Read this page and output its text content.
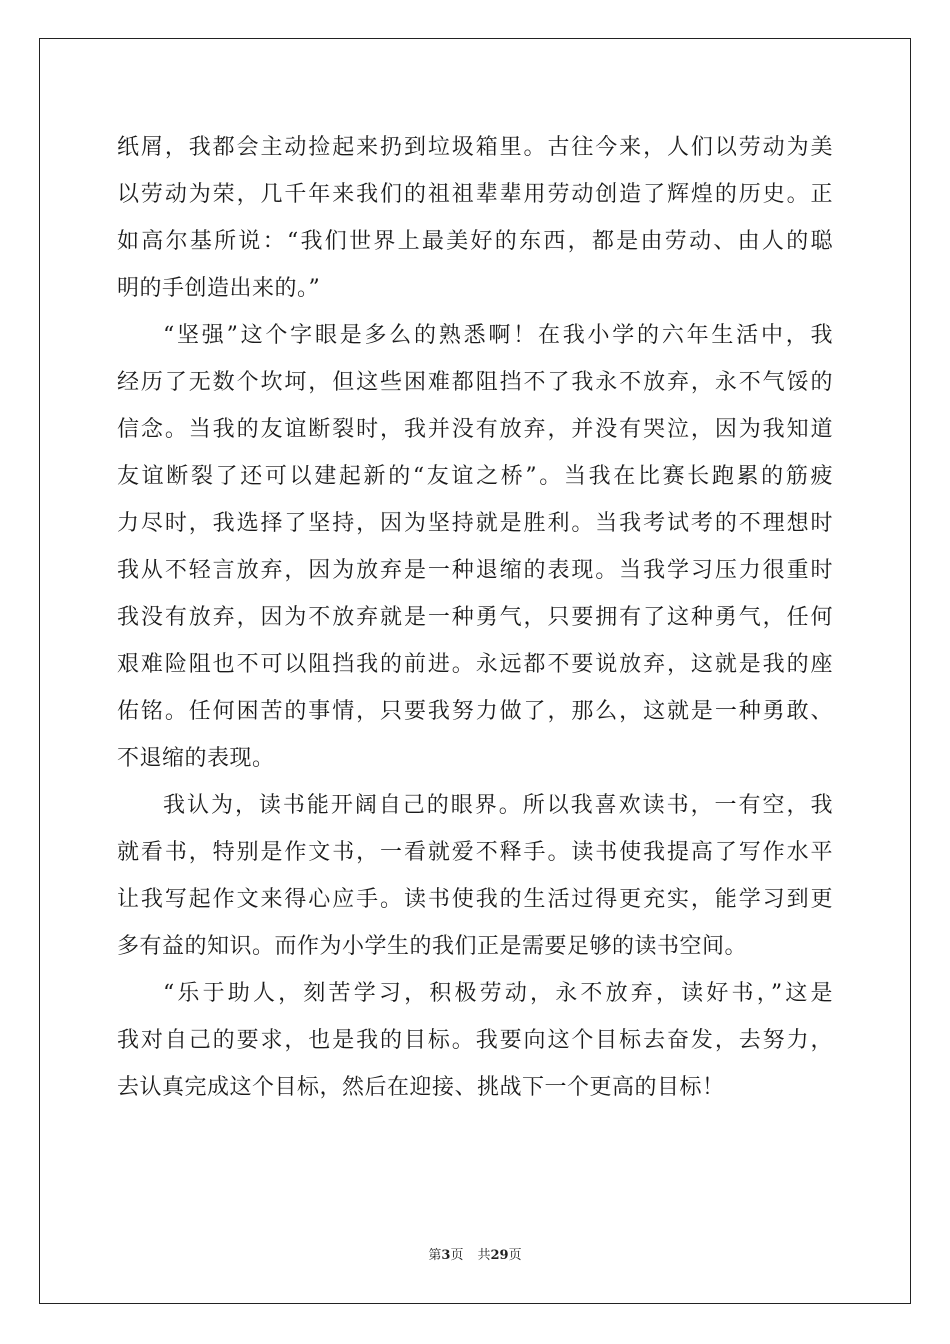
纸屑，我都会主动捡起来扔到垃圾箱里。古往今来，人们以劳动为美
以劳动为荣，几千年来我们的祖祖辈辈用劳动创造了辉煌的历史。正
如高尔基所说：“我们世界上最美好的东西，都是由劳动、由人的聪
明的手创造出来的。”
“坚强”这个字眼是多么的熟悉啊！在我小学的六年生活中，我
经历了无数个坎坷，但这些困难都阻挡不了我永不放弃，永不气馁的
信念。当我的友谊断裂时，我并没有放弃，并没有哭泣，因为我知道
友谊断裂了还可以建起新的“友谊之桥”。当我在比赛长跑累的筋疲
力尽时，我选择了坚持，因为坚持就是胜利。当我考试考的不理想时
我从不轻言放弃，因为放弃是一种退缩的表现。当我学习压力很重时
我没有放弃，因为不放弃就是一种勇气，只要拥有了这种勇气，任何
艰难险阻也不可以阻挡我的前进。永远都不要说放弃，这就是我的座
佑铭。任何困苦的事情，只要我努力做了，那么，这就是一种勇敢、
不退缩的表现。
我认为，读书能开阔自己的眼界。所以我喜欢读书，一有空，我
就看书，特别是作文书，一看就爱不释手。读书使我提高了写作水平
让我写起作文来得心应手。读书使我的生活过得更充实，能学习到更
多有益的知识。而作为小学生的我们正是需要足够的读书空间。
“乐于助人，刻苦学习，积极劳动，永不放弃，读好书，”这是
我对自己的要求，也是我的目标。我要向这个目标去奋发，去努力，
去认真完成这个目标，然后在迎接、挑战下一个更高的目标！
第3页 共29页
